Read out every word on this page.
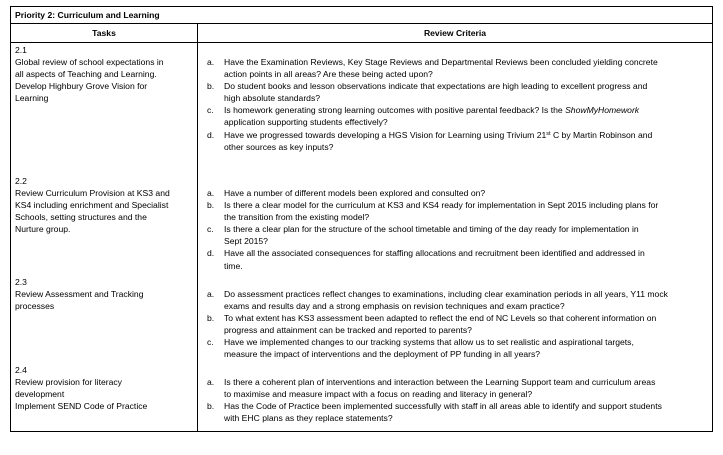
Priority 2: Curriculum and Learning
Tasks	Review Criteria
2.1
Global review of school expectations in
all aspects of Teaching and Learning.
Develop Highbury Grove Vision for
Learning
a. Have the Examination Reviews, Key Stage Reviews and Departmental Reviews been concluded yielding concrete
action points in all areas? Are these being acted upon?
b. Do student books and lesson observations indicate that expectations are high leading to excellent progress and
high absolute standards?
c. Is homework generating strong learning outcomes with positive parental feedback? Is the ShowMyHomework
application supporting students effectively?
d. Have we progressed towards developing a HGS Vision for Learning using Trivium 21st C by Martin Robinson and
other sources as key inputs?
2.2
Review Curriculum Provision at KS3 and
KS4 including enrichment and Specialist
Schools, setting structures and the
Nurture group.
a. Have a number of different models been explored and consulted on?
b. Is there a clear model for the curriculum at KS3 and KS4 ready for implementation in Sept 2015 including plans for
the transition from the existing model?
c. Is there a clear plan for the structure of the school timetable and timing of the day ready for implementation in
Sept 2015?
d. Have all the associated consequences for staffing allocations and recruitment been identified and addressed in
time.
2.3
Review Assessment and Tracking
processes
a. Do assessment practices reflect changes to examinations, including clear examination periods in all years, Y11 mock
exams and results day and a strong emphasis on revision techniques and exam practice?
b. To what extent has KS3 assessment been adapted to reflect the end of NC Levels so that coherent information on
progress and attainment can be tracked and reported to parents?
c. Have we implemented changes to our tracking systems that allow us to set realistic and aspirational targets,
measure the impact of interventions and the deployment of PP funding in all years?
2.4
Review provision for literacy
development
Implement SEND Code of Practice
a. Is there a coherent plan of interventions and interaction between the Learning Support team and curriculum areas
to maximise and measure impact with a focus on reading and literacy in general?
b. Has the Code of Practice been implemented successfully with staff in all areas able to identify and support students
with EHC plans as they replace statements?
